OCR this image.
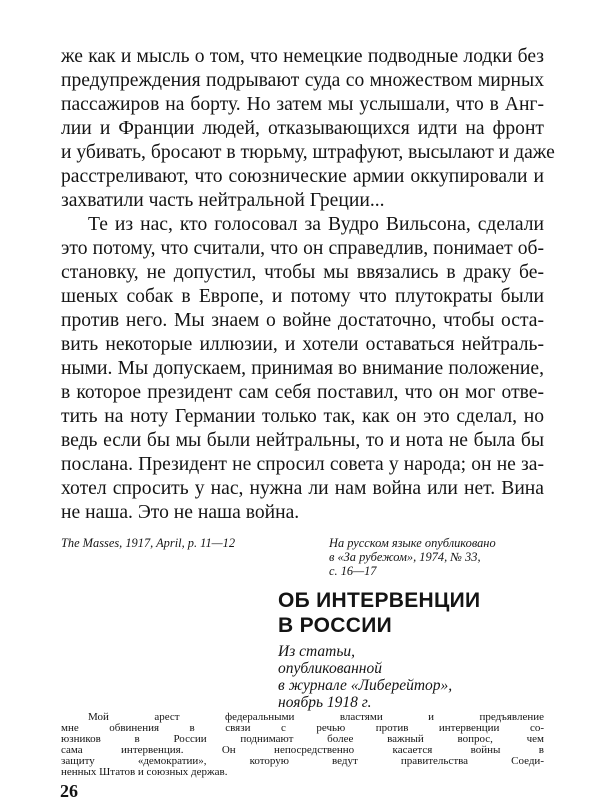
же как и мысль о том, что немецкие подводные лодки без
предупреждения подрывают суда со множеством мирных
пассажиров на борту. Но затем мы услышали, что в Анг-
лии и Франции людей, отказывающихся идти на фронт
и убивать, бросают в тюрьму, штрафуют, высылают и даже
расстреливают, что союзнические армии оккупировали и
захватили часть нейтральной Греции...
Те из нас, кто голосовал за Вудро Вильсона, сделали
это потому, что считали, что он справедлив, понимает об-
становку, не допустил, чтобы мы ввязались в драку бе-
шеных собак в Европе, и потому что плутократы были
против него. Мы знаем о войне достаточно, чтобы оста-
вить некоторые иллюзии, и хотели оставаться нейтраль-
ными. Мы допускаем, принимая во внимание положение,
в которое президент сам себя поставил, что он мог отве-
тить на ноту Германии только так, как он это сделал, но
ведь если бы мы были нейтральны, то и нота не была бы
послана. Президент не спросил совета у народа; он не за-
хотел спросить у нас, нужна ли нам война или нет. Вина
не наша. Это не наша война.
The Masses, 1917, April, p. 11—12	На русском языке опубликовано
в «За рубежом», 1974, № 33,
с. 16—17
ОБ ИНТЕРВЕНЦИИ
В РОССИИ
Из статьи,
опубликованной
в журнале «Либерейтор»,
ноябрь 1918 г.
Мой арест федеральными властями и предъявление
мне обвинения в связи с речью против интервенции со-
юзников в России поднимают более важный вопрос, чем
сама интервенция. Он непосредственно касается войны в
защиту «демократии», которую ведут правительства Соеди-
ненных Штатов и союзных держав.
26
